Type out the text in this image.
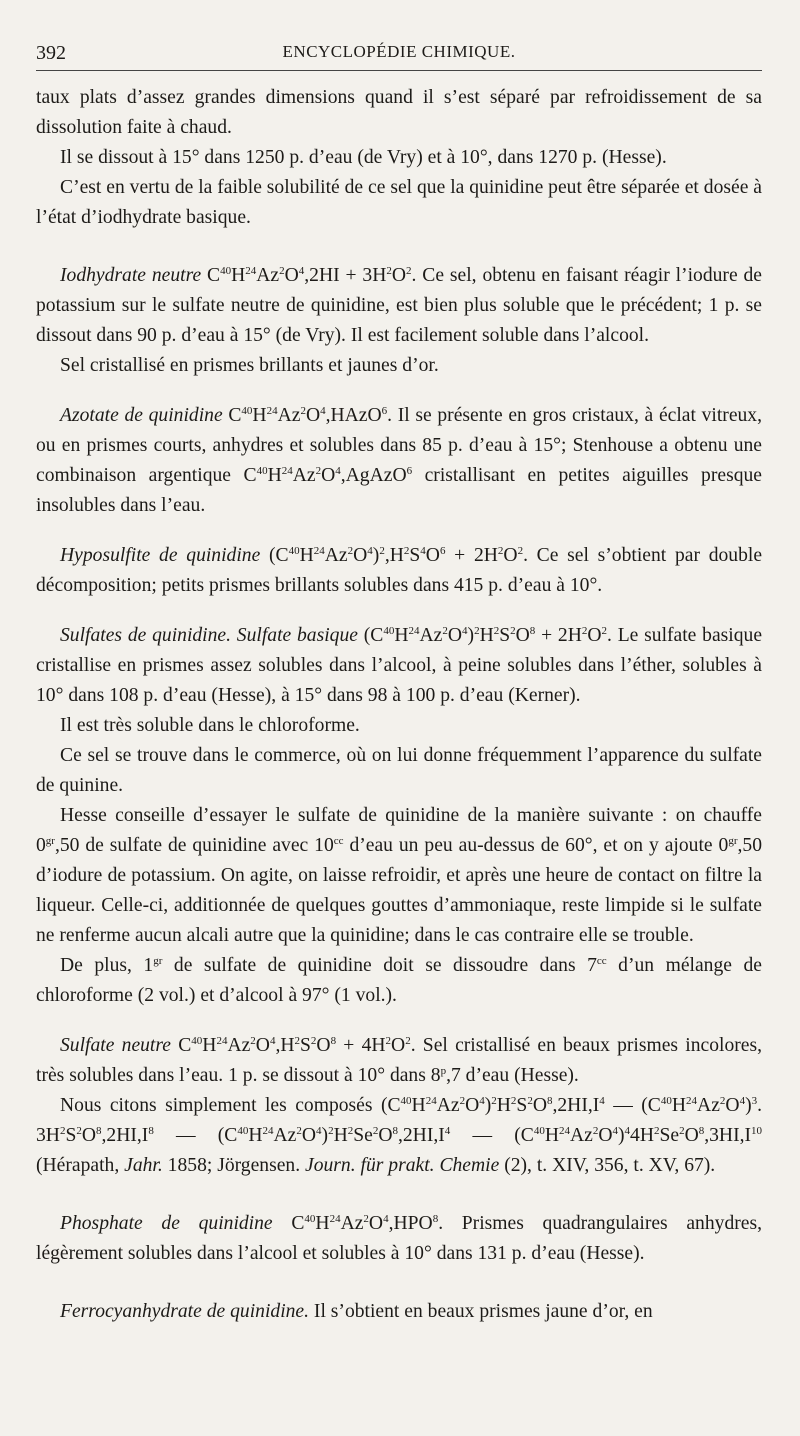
392	ENCYCLOPÉDIE CHIMIQUE.

taux plats d’assez grandes dimensions quand il s’est séparé par refroidissement de sa dissolution faite à chaud.

Il se dissout à 15° dans 1250 p. d’eau (de Vry) et à 10°, dans 1270 p. (Hesse).

C’est en vertu de la faible solubilité de ce sel que la quinidine peut être séparée et dosée à l’état d’iodhydrate basique.

Iodhydrate neutre $C^{40}H^{24}Az^2O^4,2HI + 3H^2O^2$. Ce sel, obtenu en faisant réagir l’iodure de potassium sur le sulfate neutre de quinidine, est bien plus soluble que le précédent; 1 p. se dissout dans 90 p. d’eau à 15° (de Vry). Il est facilement soluble dans l’alcool.

Sel cristallisé en prismes brillants et jaunes d’or.

Azotate de quinidine $C^{40}H^{24}Az^2O^4,HAzO^6$. Il se présente en gros cristaux, à éclat vitreux, ou en prismes courts, anhydres et solubles dans 85 p. d’eau à 15°; Stenhouse a obtenu une combinaison argentique $C^{40}H^{24}Az^2O^4,AgAzO^6$ cristallisant en petites aiguilles presque insolubles dans l’eau.

Hyposulfite de quinidine $(C^{40}H^{24}Az^2O^4)^2,H^2S^4O^6 + 2H^2O^2$. Ce sel s’obtient par double décomposition; petits prismes brillants solubles dans 415 p. d’eau à 10°.

Sulfates de quinidine. Sulfate basique $(C^{40}H^{24}Az^2O^4)^2H^2S^2O^8 + 2H^2O^2$. Le sulfate basique cristallise en prismes assez solubles dans l’alcool, à peine solubles dans l’éther, solubles à 10° dans 108 p. d’eau (Hesse), à 15° dans 98 à 100 p. d’eau (Kerner).

Il est très soluble dans le chloroforme.

Ce sel se trouve dans le commerce, où on lui donne fréquemment l’apparence du sulfate de quinine.

Hesse conseille d’essayer le sulfate de quinidine de la manière suivante : on chauffe $0^{gr},50$ de sulfate de quinidine avec $10^{cc}$ d’eau un peu au-dessus de 60°, et on y ajoute $0^{gr},50$ d’iodure de potassium. On agite, on laisse refroidir, et après une heure de contact on filtre la liqueur. Celle-ci, additionnée de quelques gouttes d’ammoniaque, reste limpide si le sulfate ne renferme aucun alcali autre que la quinidine; dans le cas contraire elle se trouble.

De plus, $1^{gr}$ de sulfate de quinidine doit se dissoudre dans $7^{cc}$ d’un mélange de chloroforme (2 vol.) et d’alcool à 97° (1 vol.).

Sulfate neutre $C^{40}H^{24}Az^2O^4,H^2S^2O^8 + 4H^2O^2$. Sel cristallisé en beaux prismes incolores, très solubles dans l’eau. 1 p. se dissout à 10° dans 8$^p$,7 d’eau (Hesse).

Nous citons simplement les composés $(C^{40}H^{24}Az^2O^4)^2H^2S^2O^8,2HI,I^4$ — $(C^{40}H^{24}Az^2O^4)^3$. $3H^2S^2O^8,2HI,I^8$ — $(C^{40}H^{24}Az^2O^4)^2H^2Se^2O^8,2HI,I^4$ — $(C^{40}H^{24}Az^2O^4)^44H^2Se^2O^8,3HI,I^{10}$ (Hérapath, Jahr. 1858; Jörgensen. Journ. für prakt. Chemie (2), t. XIV, 356, t. XV, 67).

Phosphate de quinidine $C^{40}H^{24}Az^2O^4,HPO^8$. Prismes quadrangulaires anhydres, légèrement solubles dans l’alcool et solubles à 10° dans 131 p. d’eau (Hesse).

Ferrocyanhydrate de quinidine. Il s’obtient en beaux prismes jaune d’or, en
